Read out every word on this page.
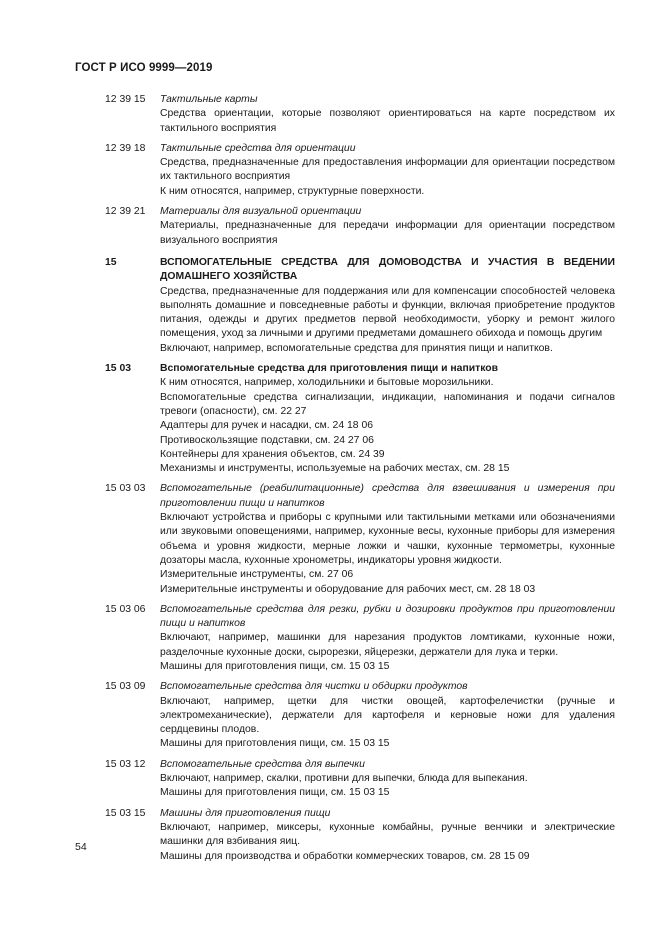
ГОСТ Р ИСО 9999—2019
12 39 15	Тактильные карты
Средства ориентации, которые позволяют ориентироваться на карте посредством их тактильного восприятия
12 39 18	Тактильные средства для ориентации
Средства, предназначенные для предоставления информации для ориентации посредством их тактильного восприятия
К ним относятся, например, структурные поверхности.
12 39 21	Материалы для визуальной ориентации
Материалы, предназначенные для передачи информации для ориентации посредством визуального восприятия
15	ВСПОМОГАТЕЛЬНЫЕ СРЕДСТВА ДЛЯ ДОМОВОДСТВА И УЧАСТИЯ В ВЕДЕНИИ ДОМАШНЕГО ХОЗЯЙСТВА
Средства, предназначенные для поддержания или для компенсации способностей человека выполнять домашние и повседневные работы и функции, включая приобретение продуктов питания, одежды и других предметов первой необходимости, уборку и ремонт жилого помещения, уход за личными и другими предметами домашнего обихода и помощь другим
Включают, например, вспомогательные средства для принятия пищи и напитков.
15 03	Вспомогательные средства для приготовления пищи и напитков
К ним относятся, например, холодильники и бытовые морозильники.
Вспомогательные средства сигнализации, индикации, напоминания и подачи сигналов тревоги (опасности), см. 22 27
Адаптеры для ручек и насадки, см. 24 18 06
Противоскользящие подставки, см. 24 27 06
Контейнеры для хранения объектов, см. 24 39
Механизмы и инструменты, используемые на рабочих местах, см. 28 15
15 03 03	Вспомогательные (реабилитационные) средства для взвешивания и измерения при приготовлении пищи и напитков
Включают устройства и приборы с крупными или тактильными метками или обозначениями или звуковыми оповещениями, например, кухонные весы, кухонные приборы для измерения объема и уровня жидкости, мерные ложки и чашки, кухонные термометры, кухонные дозаторы масла, кухонные хронометры, индикаторы уровня жидкости.
Измерительные инструменты, см. 27 06
Измерительные инструменты и оборудование для рабочих мест, см. 28 18 03
15 03 06	Вспомогательные средства для резки, рубки и дозировки продуктов при приготовлении пищи и напитков
Включают, например, машинки для нарезания продуктов ломтиками, кухонные ножи, разделочные кухонные доски, сырорезки, яйцерезки, держатели для лука и терки.
Машины для приготовления пищи, см. 15 03 15
15 03 09	Вспомогательные средства для чистки и обдирки продуктов
Включают, например, щетки для чистки овощей, картофелечистки (ручные и электромеханические), держатели для картофеля и керновые ножи для удаления сердцевины плодов.
Машины для приготовления пищи, см. 15 03 15
15 03 12	Вспомогательные средства для выпечки
Включают, например, скалки, противни для выпечки, блюда для выпекания.
Машины для приготовления пищи, см. 15 03 15
15 03 15	Машины для приготовления пищи
Включают, например, миксеры, кухонные комбайны, ручные венчики и электрические машинки для взбивания яиц.
Машины для производства и обработки коммерческих товаров, см. 28 15 09
54
